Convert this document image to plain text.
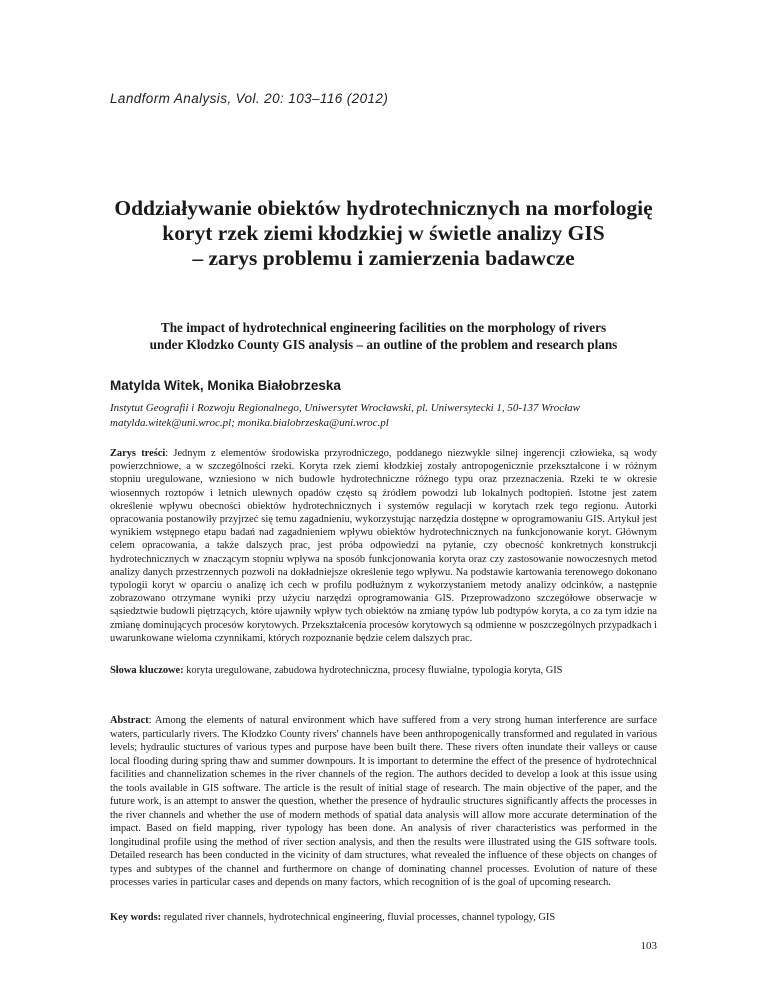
Landform Analysis, Vol. 20: 103–116 (2012)
Oddziaływanie obiektów hydrotechnicznych na morfologię
koryt rzek ziemi kłodzkiej w świetle analizy GIS
– zarys problemu i zamierzenia badawcze
The impact of hydrotechnical engineering facilities on the morphology of rivers
under Klodzko County GIS analysis – an outline of the problem and research plans
Matylda Witek, Monika Białobrzeska
Instytut Geografii i Rozwoju Regionalnego, Uniwersytet Wrocławski, pl. Uniwersytecki 1, 50-137 Wrocław
matylda.witek@uni.wroc.pl; monika.bialobrzeska@uni.wroc.pl
Zarys treści: Jednym z elementów środowiska przyrodniczego, poddanego niezwykle silnej ingerencji człowieka, są wody powierzchniowe, a w szczególności rzeki. Koryta rzek ziemi kłodzkiej zostały antropogenicznie przekształcone i w różnym stopniu uregulowane, wzniesiono w nich budowle hydrotechniczne różnego typu oraz przeznaczenia. Rzeki te w okresie wiosennych roztopów i letnich ulewnych opadów często są źródłem powodzi lub lokalnych podtopień. Istotne jest zatem określenie wpływu obecności obiektów hydrotechnicznych i systemów regulacji w korytach rzek tego regionu. Autorki opracowania postanowiły przyjrzeć się temu zagadnieniu, wykorzystując narzędzia dostępne w oprogramowaniu GIS. Artykuł jest wynikiem wstępnego etapu badań nad zagadnieniem wpływu obiektów hydrotechnicznych na funkcjonowanie koryt. Głównym celem opracowania, a także dalszych prac, jest próba odpowiedzi na pytanie, czy obecność konkretnych konstrukcji hydrotechnicznych w znaczącym stopniu wpływa na sposób funkcjonowania koryta oraz czy zastosowanie nowoczesnych metod analizy danych przestrzennych pozwoli na dokładniejsze określenie tego wpływu. Na podstawie kartowania terenowego dokonano typologii koryt w oparciu o analizę ich cech w profilu podłużnym z wykorzystaniem metody analizy odcinków, a następnie zobrazowano otrzymane wyniki przy użyciu narzędzi oprogramowania GIS. Przeprowadzono szczegółowe obserwacje w sąsiedztwie budowli piętrzących, które ujawniły wpływ tych obiektów na zmianę typów lub podtypów koryta, a co za tym idzie na zmianę dominujących procesów korytowych. Przekształcenia procesów korytowych są odmienne w poszczególnych przypadkach i uwarunkowane wieloma czynnikami, których rozpoznanie będzie celem dalszych prac.
Słowa kluczowe: koryta uregulowane, zabudowa hydrotechniczna, procesy fluwialne, typologia koryta, GIS
Abstract: Among the elements of natural environment which have suffered from a very strong human interference are surface waters, particularly rivers. The Kłodzko County rivers' channels have been anthropogenically transformed and regulated in various levels; hydraulic stuctures of various types and purpose have been built there. These rivers often inundate their valleys or cause local flooding during spring thaw and summer downpours. It is important to determine the effect of the presence of hydrotechnical facilities and channelization schemes in the river channels of the region. The authors decided to develop a look at this issue using the tools available in GIS software. The article is the result of initial stage of research. The main objective of the paper, and the future work, is an attempt to answer the question, whether the presence of hydraulic structures significantly affects the processes in the river channels and whether the use of modern methods of spatial data analysis will allow more accurate determination of the impact. Based on field mapping, river typology has been done. An analysis of river characteristics was performed in the longitudinal profile using the method of river section analysis, and then the results were illustrated using the GIS software tools. Detailed research has been conducted in the vicinity of dam structures, what revealed the influence of these objects on changes of types and subtypes of the channel and furthermore on change of dominating channel processes. Evolution of nature of these processes varies in particular cases and depends on many factors, which recognition of is the goal of upcoming research.
Key words: regulated river channels, hydrotechnical engineering, fluvial processes, channel typology, GIS
103
